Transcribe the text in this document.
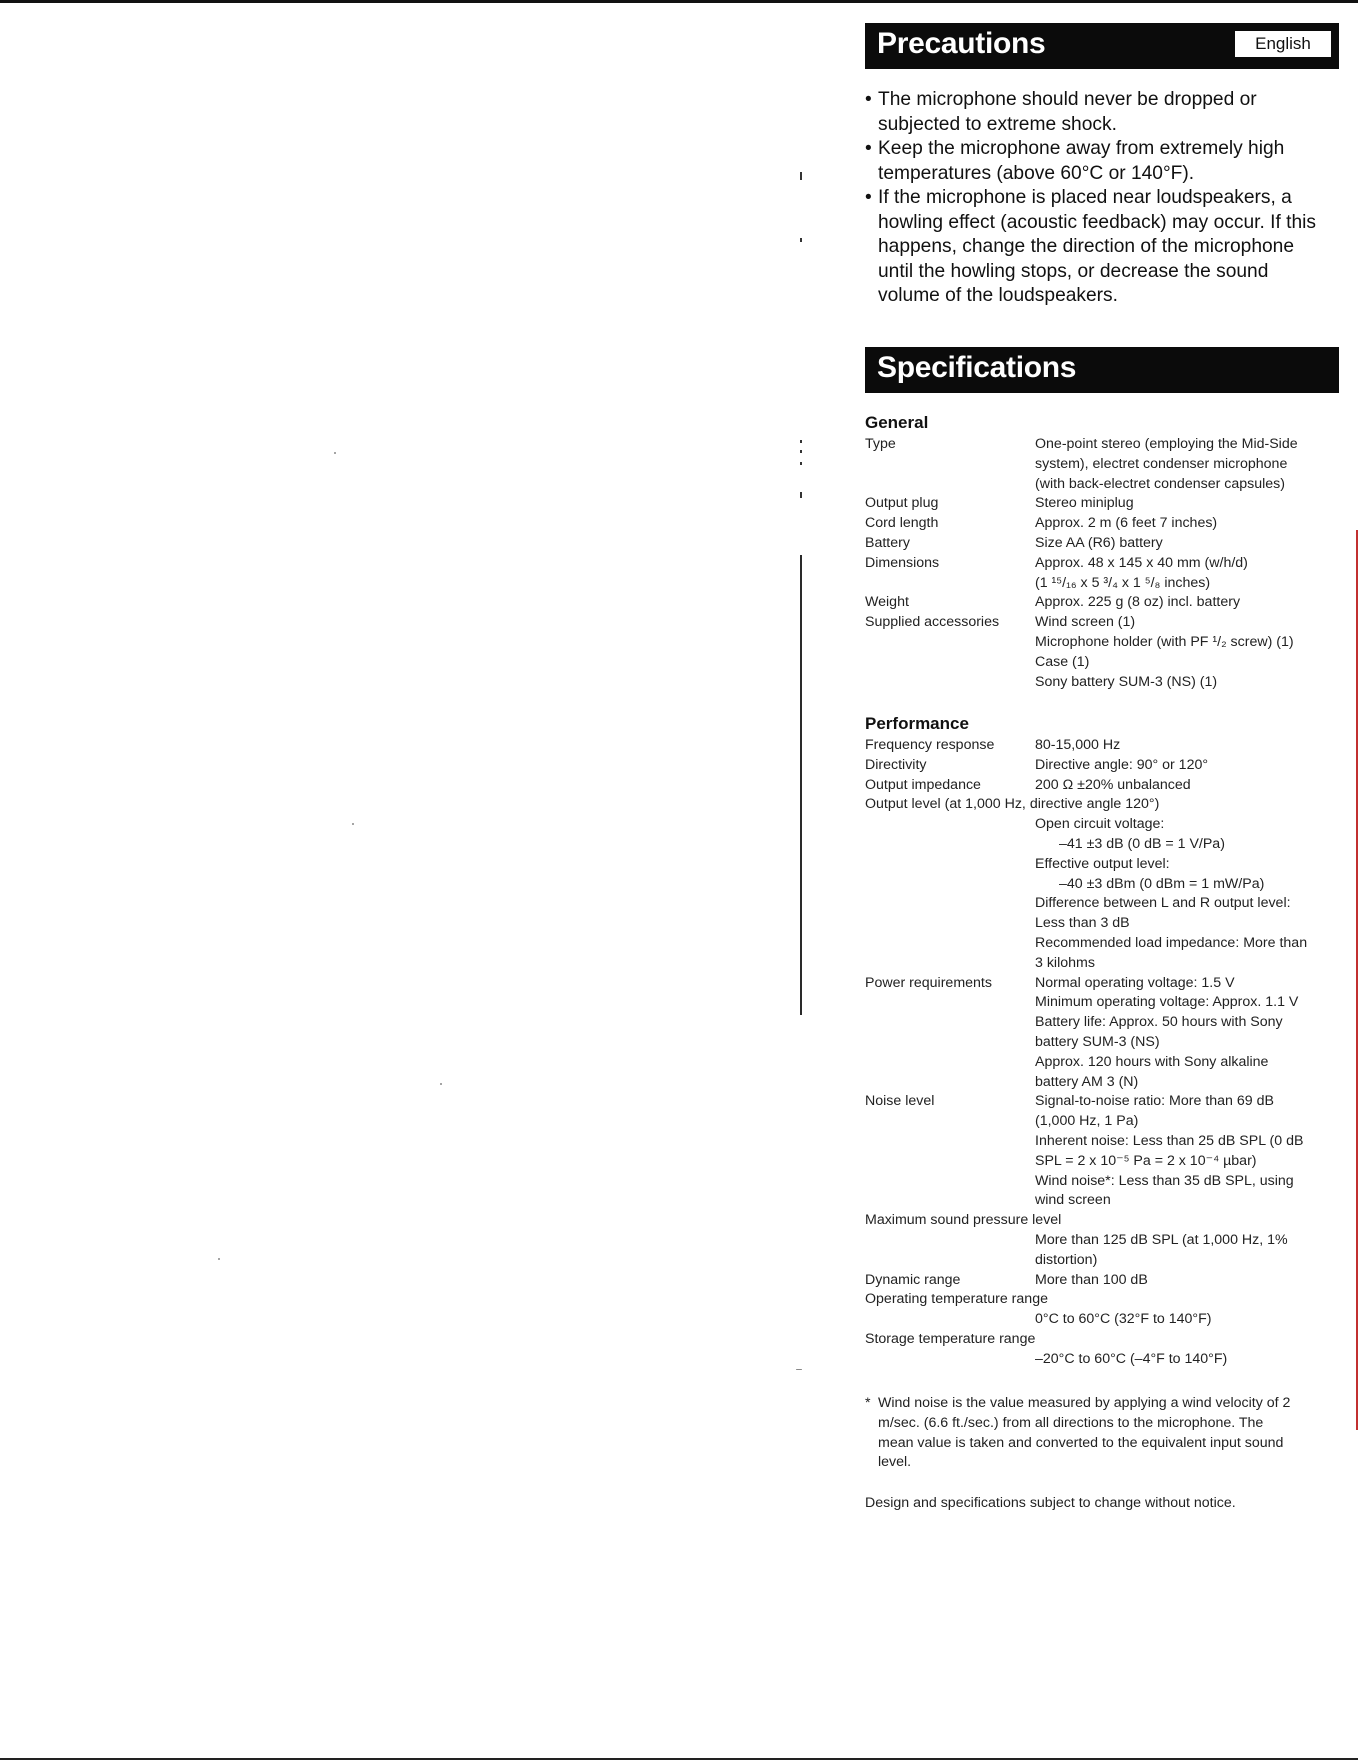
Precautions	English
• The microphone should never be dropped or
subjected to extreme shock.
• Keep the microphone away from extremely high
temperatures (above 60°C or 140°F).
• If the microphone is placed near loudspeakers, a
howling effect (acoustic feedback) may occur. If this
happens, change the direction of the microphone
until the howling stops, or decrease the sound
volume of the loudspeakers.
Specifications
General
Type	One-point stereo (employing the Mid-Side
system), electret condenser microphone
(with back-electret condenser capsules)
Output plug	Stereo miniplug
Cord length	Approx. 2 m (6 feet 7 inches)
Battery	Size AA (R6) battery
Dimensions	Approx. 48 x 145 x 40 mm (w/h/d)
(1 ¹⁵/₁₆ x 5 ³/₄ x 1 ⁵/₈ inches)
Weight	Approx. 225 g (8 oz) incl. battery
Supplied accessories	Wind screen (1)
Microphone holder (with PF ¹/₂ screw) (1)
Case (1)
Sony battery SUM-3 (NS) (1)
Performance
Frequency response	80-15,000 Hz
Directivity	Directive angle: 90° or 120°
Output impedance	200 Ω ±20% unbalanced
Output level (at 1,000 Hz, directive angle 120°)
Open circuit voltage:
–41 ±3 dB (0 dB = 1 V/Pa)
Effective output level:
–40 ±3 dBm (0 dBm = 1 mW/Pa)
Difference between L and R output level:
Less than 3 dB
Recommended load impedance: More than
3 kilohms
Power requirements	Normal operating voltage: 1.5 V
Minimum operating voltage: Approx. 1.1 V
Battery life: Approx. 50 hours with Sony
battery SUM-3 (NS)
Approx. 120 hours with Sony alkaline
battery AM 3 (N)
Noise level	Signal-to-noise ratio: More than 69 dB
(1,000 Hz, 1 Pa)
Inherent noise: Less than 25 dB SPL (0 dB
SPL = 2 x 10⁻⁵ Pa = 2 x 10⁻⁴ µbar)
Wind noise*: Less than 35 dB SPL, using
wind screen
Maximum sound pressure level
More than 125 dB SPL (at 1,000 Hz, 1%
distortion)
Dynamic range	More than 100 dB
Operating temperature range
0°C to 60°C (32°F to 140°F)
Storage temperature range
–20°C to 60°C (–4°F to 140°F)
* Wind noise is the value measured by applying a wind velocity of 2
m/sec. (6.6 ft./sec.) from all directions to the microphone. The
mean value is taken and converted to the equivalent input sound
level.
Design and specifications subject to change without notice.
